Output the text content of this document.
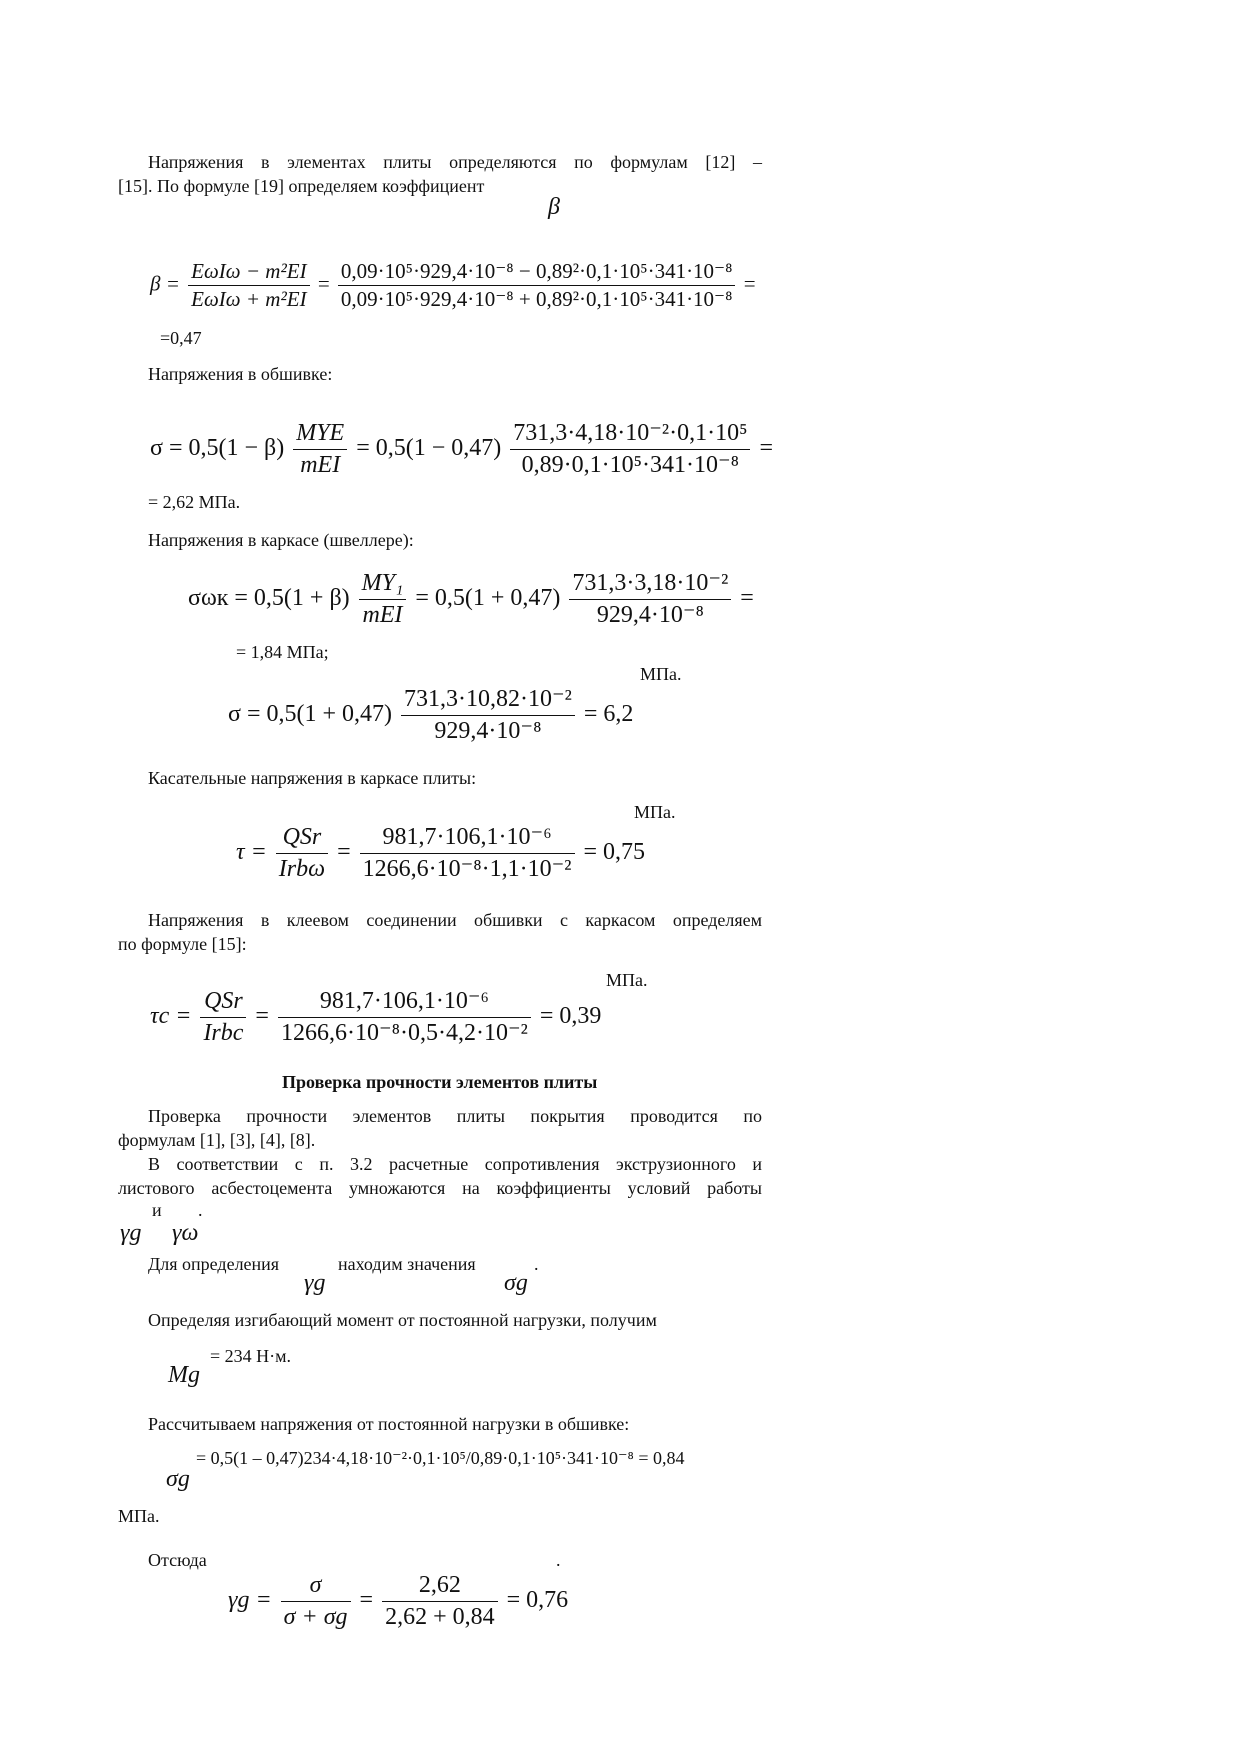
Напряжения в элементах плиты определяются по формулам [12] –
[15]. По формуле [19] определяем коэффициент
β
$\beta = \frac{\text{EωIω − m²EI}}{\text{EωIω + m²EI}} = \frac{\text{0,09·10⁵·929,4·10⁻⁸ − 0,89²·0,1·10⁵·341·10⁻⁸}}{\text{0,09·10⁵·929,4·10⁻⁸ + 0,89²·0,1·10⁵·341·10⁻⁸}}$ =
=0,47
Напряжения в обшивке:
$\sigma = 0,5(1 - \beta) \frac{\text{MYE}}{\text{mEI}} = 0,5(1 - 0,47) \frac{\text{731,3·4,18·10⁻²·0,1·10⁵}}{\text{0,89·0,1·10⁵·341·10⁻⁸}}$ =
= 2,62 МПа.
Напряжения в каркасе (швеллере):
$\sigma\omega к = 0,5(1 + \beta) \frac{\text{MY₁}}{\text{mEI}} = 0,5(1 + 0,47) \frac{\text{731,3·3,18·10⁻²}}{\text{929,4·10⁻⁸}}$ =
= 1,84 МПа;
МПа.
$\sigma = 0,5(1 + 0,47) \frac{\text{731,3·10,82·10⁻²}}{\text{929,4·10⁻⁸}} = 6,2$
Касательные напряжения в каркасе плиты:
МПа.
$\tau = \frac{\text{QSr}}{\text{Irbω}} = \frac{\text{981,7·106,1·10⁻⁶}}{\text{1266,6·10⁻⁸·1,1·10⁻²}} = 0,75$
Напряжения в клеевом соединении обшивки с каркасом определяем
по формуле [15]:
МПа.
$\tau c = \frac{\text{QSr}}{\text{Irbc}} = \frac{\text{981,7·106,1·10⁻⁶}}{\text{1266,6·10⁻⁸·0,5·4,2·10⁻²}} = 0,39$
Проверка прочности элементов плиты
Проверка прочности элементов плиты покрытия проводится по
формулам [1], [3], [4], [8].
В соответствии с п. 3.2 расчетные сопротивления экструзионного и
листового асбестоцемента умножаются на коэффициенты условий работы
и .
γg γω
Для определения	находим значения	.
γg	σg
Определяя изгибающий момент от постоянной нагрузки, получим
= 234 Н·м.
Mg
Рассчитываем напряжения от постоянной нагрузки в обшивке:
= 0,5(1 – 0,47)234·4,18·10⁻²·0,1·10⁵/0,89·0,1·10⁵·341·10⁻⁸ = 0,84
σg
МПа.
Отсюда	.
$\gamma g = \frac{\sigma}{\sigma + \sigma g} = \frac{2,62}{2,62 + 0,84} = 0,76$
